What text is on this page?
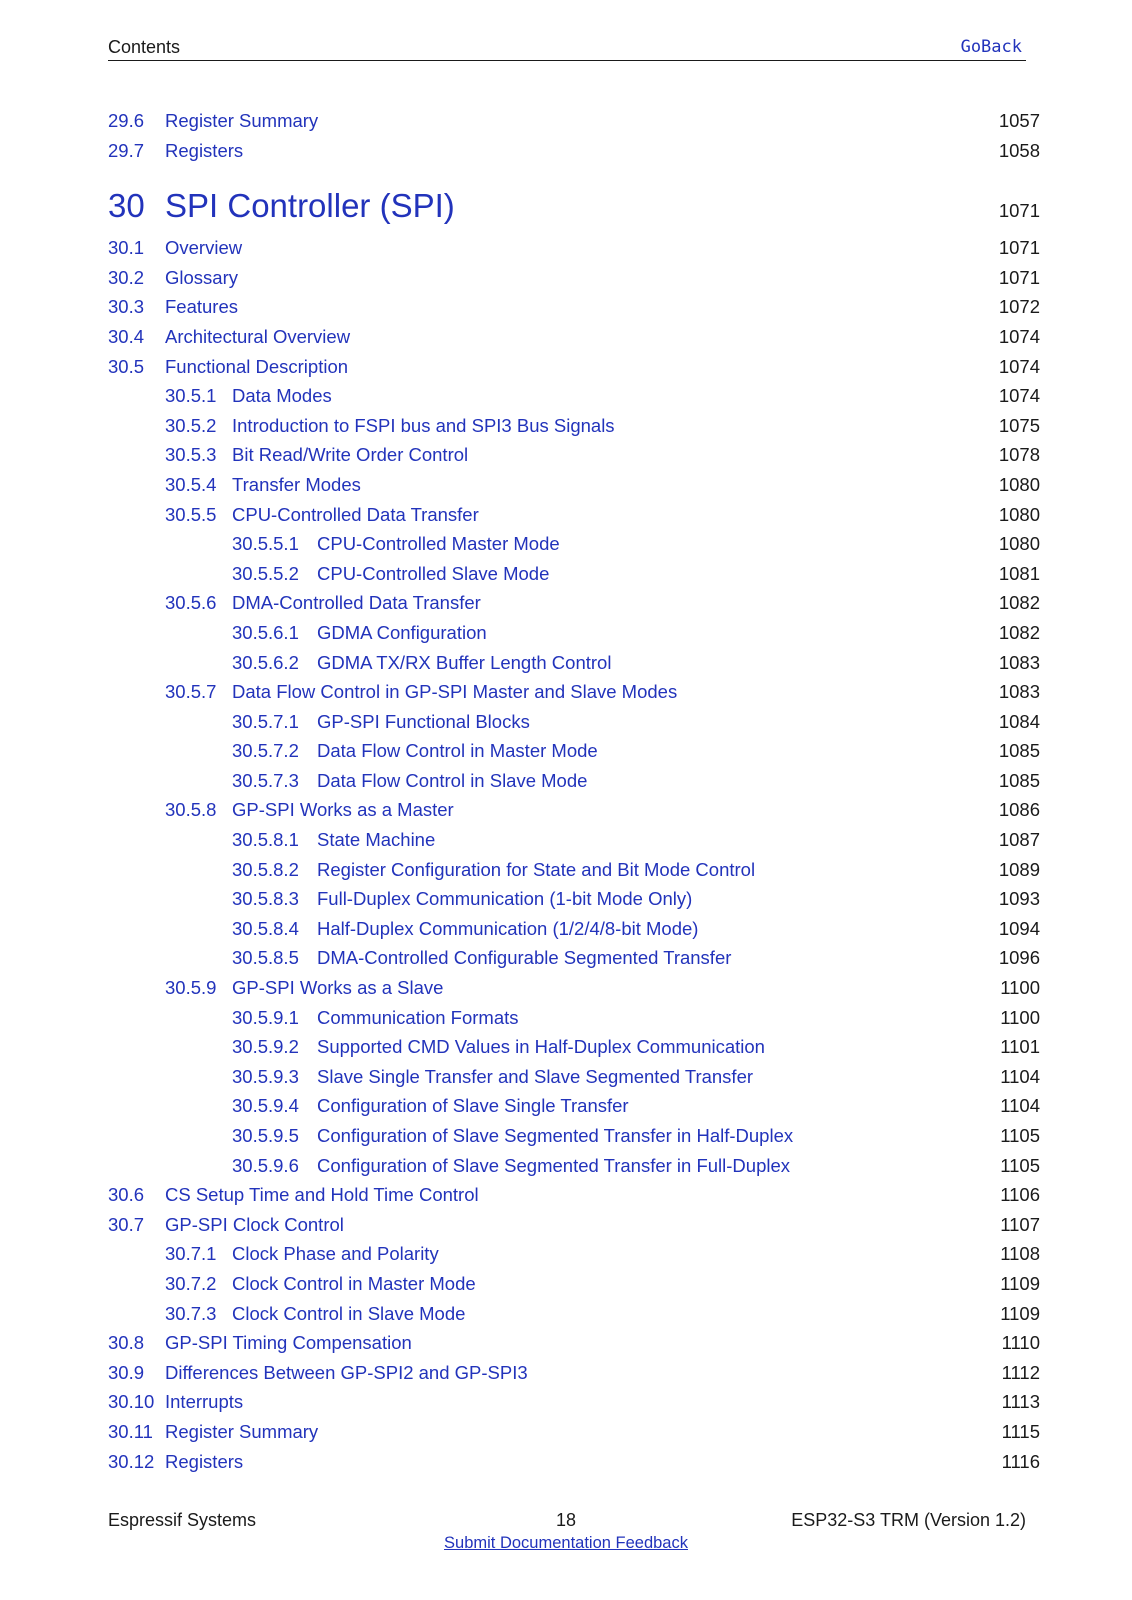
Contents	GoBack
29.6 Register Summary	1057
29.7 Registers	1058
30 SPI Controller (SPI)	1071
30.1 Overview	1071
30.2 Glossary	1071
30.3 Features	1072
30.4 Architectural Overview	1074
30.5 Functional Description	1074
30.5.1 Data Modes	1074
30.5.2 Introduction to FSPI bus and SPI3 Bus Signals	1075
30.5.3 Bit Read/Write Order Control	1078
30.5.4 Transfer Modes	1080
30.5.5 CPU-Controlled Data Transfer	1080
30.5.5.1 CPU-Controlled Master Mode	1080
30.5.5.2 CPU-Controlled Slave Mode	1081
30.5.6 DMA-Controlled Data Transfer	1082
30.5.6.1 GDMA Configuration	1082
30.5.6.2 GDMA TX/RX Buffer Length Control	1083
30.5.7 Data Flow Control in GP-SPI Master and Slave Modes	1083
30.5.7.1 GP-SPI Functional Blocks	1084
30.5.7.2 Data Flow Control in Master Mode	1085
30.5.7.3 Data Flow Control in Slave Mode	1085
30.5.8 GP-SPI Works as a Master	1086
30.5.8.1 State Machine	1087
30.5.8.2 Register Configuration for State and Bit Mode Control	1089
30.5.8.3 Full-Duplex Communication (1-bit Mode Only)	1093
30.5.8.4 Half-Duplex Communication (1/2/4/8-bit Mode)	1094
30.5.8.5 DMA-Controlled Configurable Segmented Transfer	1096
30.5.9 GP-SPI Works as a Slave	1100
30.5.9.1 Communication Formats	1100
30.5.9.2 Supported CMD Values in Half-Duplex Communication	1101
30.5.9.3 Slave Single Transfer and Slave Segmented Transfer	1104
30.5.9.4 Configuration of Slave Single Transfer	1104
30.5.9.5 Configuration of Slave Segmented Transfer in Half-Duplex	1105
30.5.9.6 Configuration of Slave Segmented Transfer in Full-Duplex	1105
30.6 CS Setup Time and Hold Time Control	1106
30.7 GP-SPI Clock Control	1107
30.7.1 Clock Phase and Polarity	1108
30.7.2 Clock Control in Master Mode	1109
30.7.3 Clock Control in Slave Mode	1109
30.8 GP-SPI Timing Compensation	1110
30.9 Differences Between GP-SPI2 and GP-SPI3	1112
30.10 Interrupts	1113
30.11 Register Summary	1115
30.12 Registers	1116
Espressif Systems	18	ESP32-S3 TRM (Version 1.2)
Submit Documentation Feedback
